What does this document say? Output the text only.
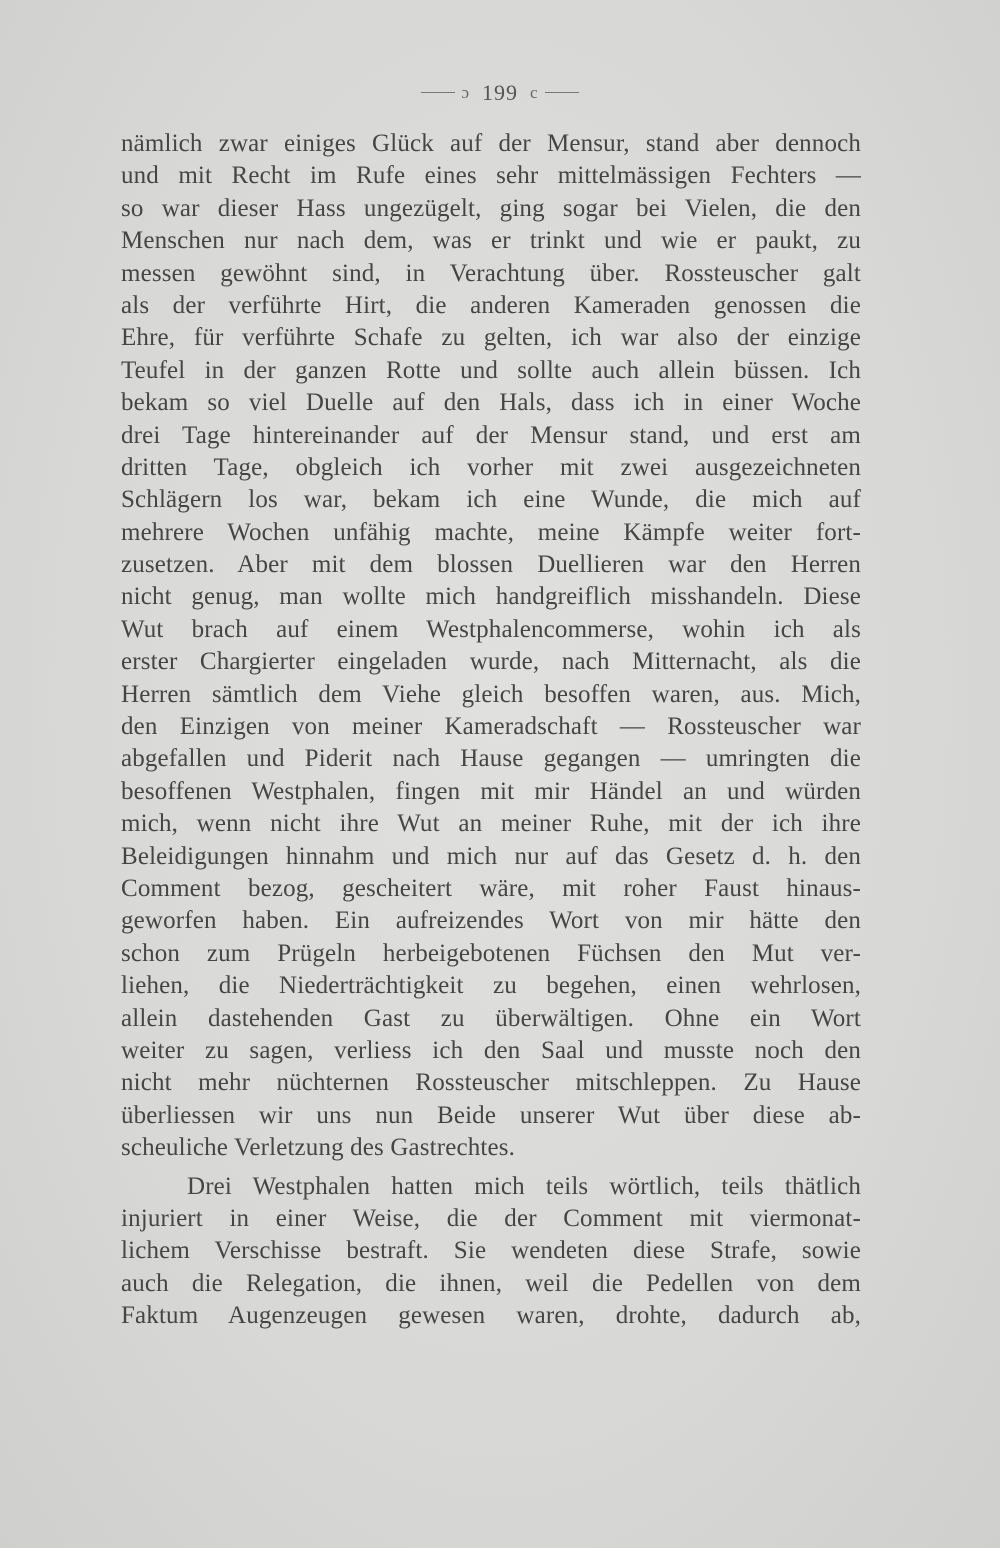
ɔ 199 c
nämlich zwar einiges Glück auf der Mensur, stand aber dennoch
und mit Recht im Rufe eines sehr mittelmässigen Fechters —
so war dieser Hass ungezügelt, ging sogar bei Vielen, die den
Menschen nur nach dem, was er trinkt und wie er paukt, zu
messen gewöhnt sind, in Verachtung über. Rossteuscher galt
als der verführte Hirt, die anderen Kameraden genossen die
Ehre, für verführte Schafe zu gelten, ich war also der einzige
Teufel in der ganzen Rotte und sollte auch allein büssen. Ich
bekam so viel Duelle auf den Hals, dass ich in einer Woche
drei Tage hintereinander auf der Mensur stand, und erst am
dritten Tage, obgleich ich vorher mit zwei ausgezeichneten
Schlägern los war, bekam ich eine Wunde, die mich auf
mehrere Wochen unfähig machte, meine Kämpfe weiter fort-
zusetzen. Aber mit dem blossen Duellieren war den Herren
nicht genug, man wollte mich handgreiflich misshandeln. Diese
Wut brach auf einem Westphalencommerse, wohin ich als
erster Chargierter eingeladen wurde, nach Mitternacht, als die
Herren sämtlich dem Viehe gleich besoffen waren, aus. Mich,
den Einzigen von meiner Kameradschaft — Rossteuscher war
abgefallen und Piderit nach Hause gegangen — umringten die
besoffenen Westphalen, fingen mit mir Händel an und würden
mich, wenn nicht ihre Wut an meiner Ruhe, mit der ich ihre
Beleidigungen hinnahm und mich nur auf das Gesetz d. h. den
Comment bezog, gescheitert wäre, mit roher Faust hinaus-
geworfen haben. Ein aufreizendes Wort von mir hätte den
schon zum Prügeln herbeigebotenen Füchsen den Mut ver-
liehen, die Niederträchtigkeit zu begehen, einen wehrlosen,
allein dastehenden Gast zu überwältigen. Ohne ein Wort
weiter zu sagen, verliess ich den Saal und musste noch den
nicht mehr nüchternen Rossteuscher mitschleppen. Zu Hause
überliessen wir uns nun Beide unserer Wut über diese ab-
scheuliche Verletzung des Gastrechtes.
Drei Westphalen hatten mich teils wörtlich, teils thätlich
injuriert in einer Weise, die der Comment mit viermonat-
lichem Verschisse bestraft. Sie wendeten diese Strafe, sowie
auch die Relegation, die ihnen, weil die Pedellen von dem
Faktum Augenzeugen gewesen waren, drohte, dadurch ab,
